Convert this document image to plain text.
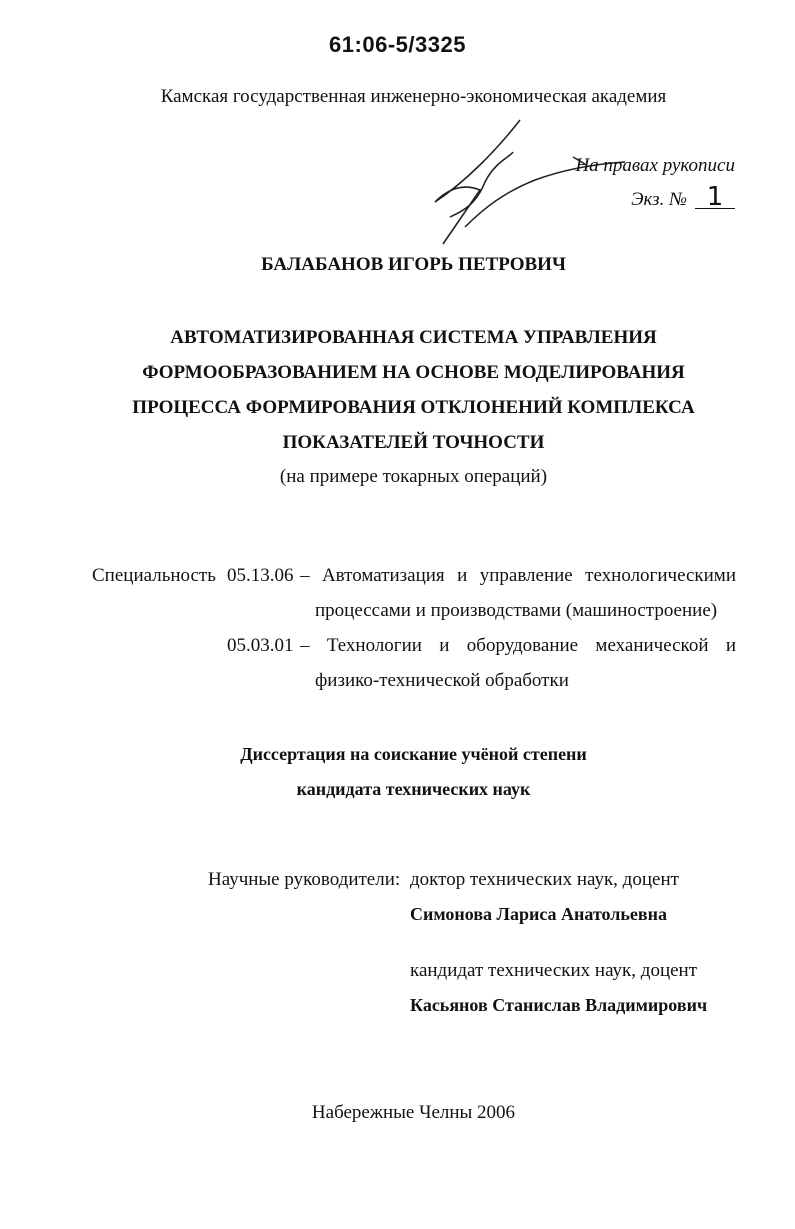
61:06-5/3325
Камская государственная инженерно-экономическая академия
На правах рукописи
Экз. № 1
БАЛАБАНОВ ИГОРЬ ПЕТРОВИЧ
АВТОМАТИЗИРОВАННАЯ СИСТЕМА УПРАВЛЕНИЯ
ФОРМООБРАЗОВАНИЕМ НА ОСНОВЕ МОДЕЛИРОВАНИЯ
ПРОЦЕССА ФОРМИРОВАНИЯ ОТКЛОНЕНИЙ КОМПЛЕКСА
ПОКАЗАТЕЛЕЙ ТОЧНОСТИ
(на примере токарных операций)
Специальность 05.13.06 – Автоматизация и управление технологическими
процессами и производствами (машиностроение)
05.03.01 – Технологии и оборудование механической и
физико-технической обработки
Диссертация на соискание учёной степени
кандидата технических наук
Научные руководители: доктор технических наук, доцент
Симонова Лариса Анатольевна
кандидат технических наук, доцент
Касьянов Станислав Владимирович
Набережные Челны 2006
